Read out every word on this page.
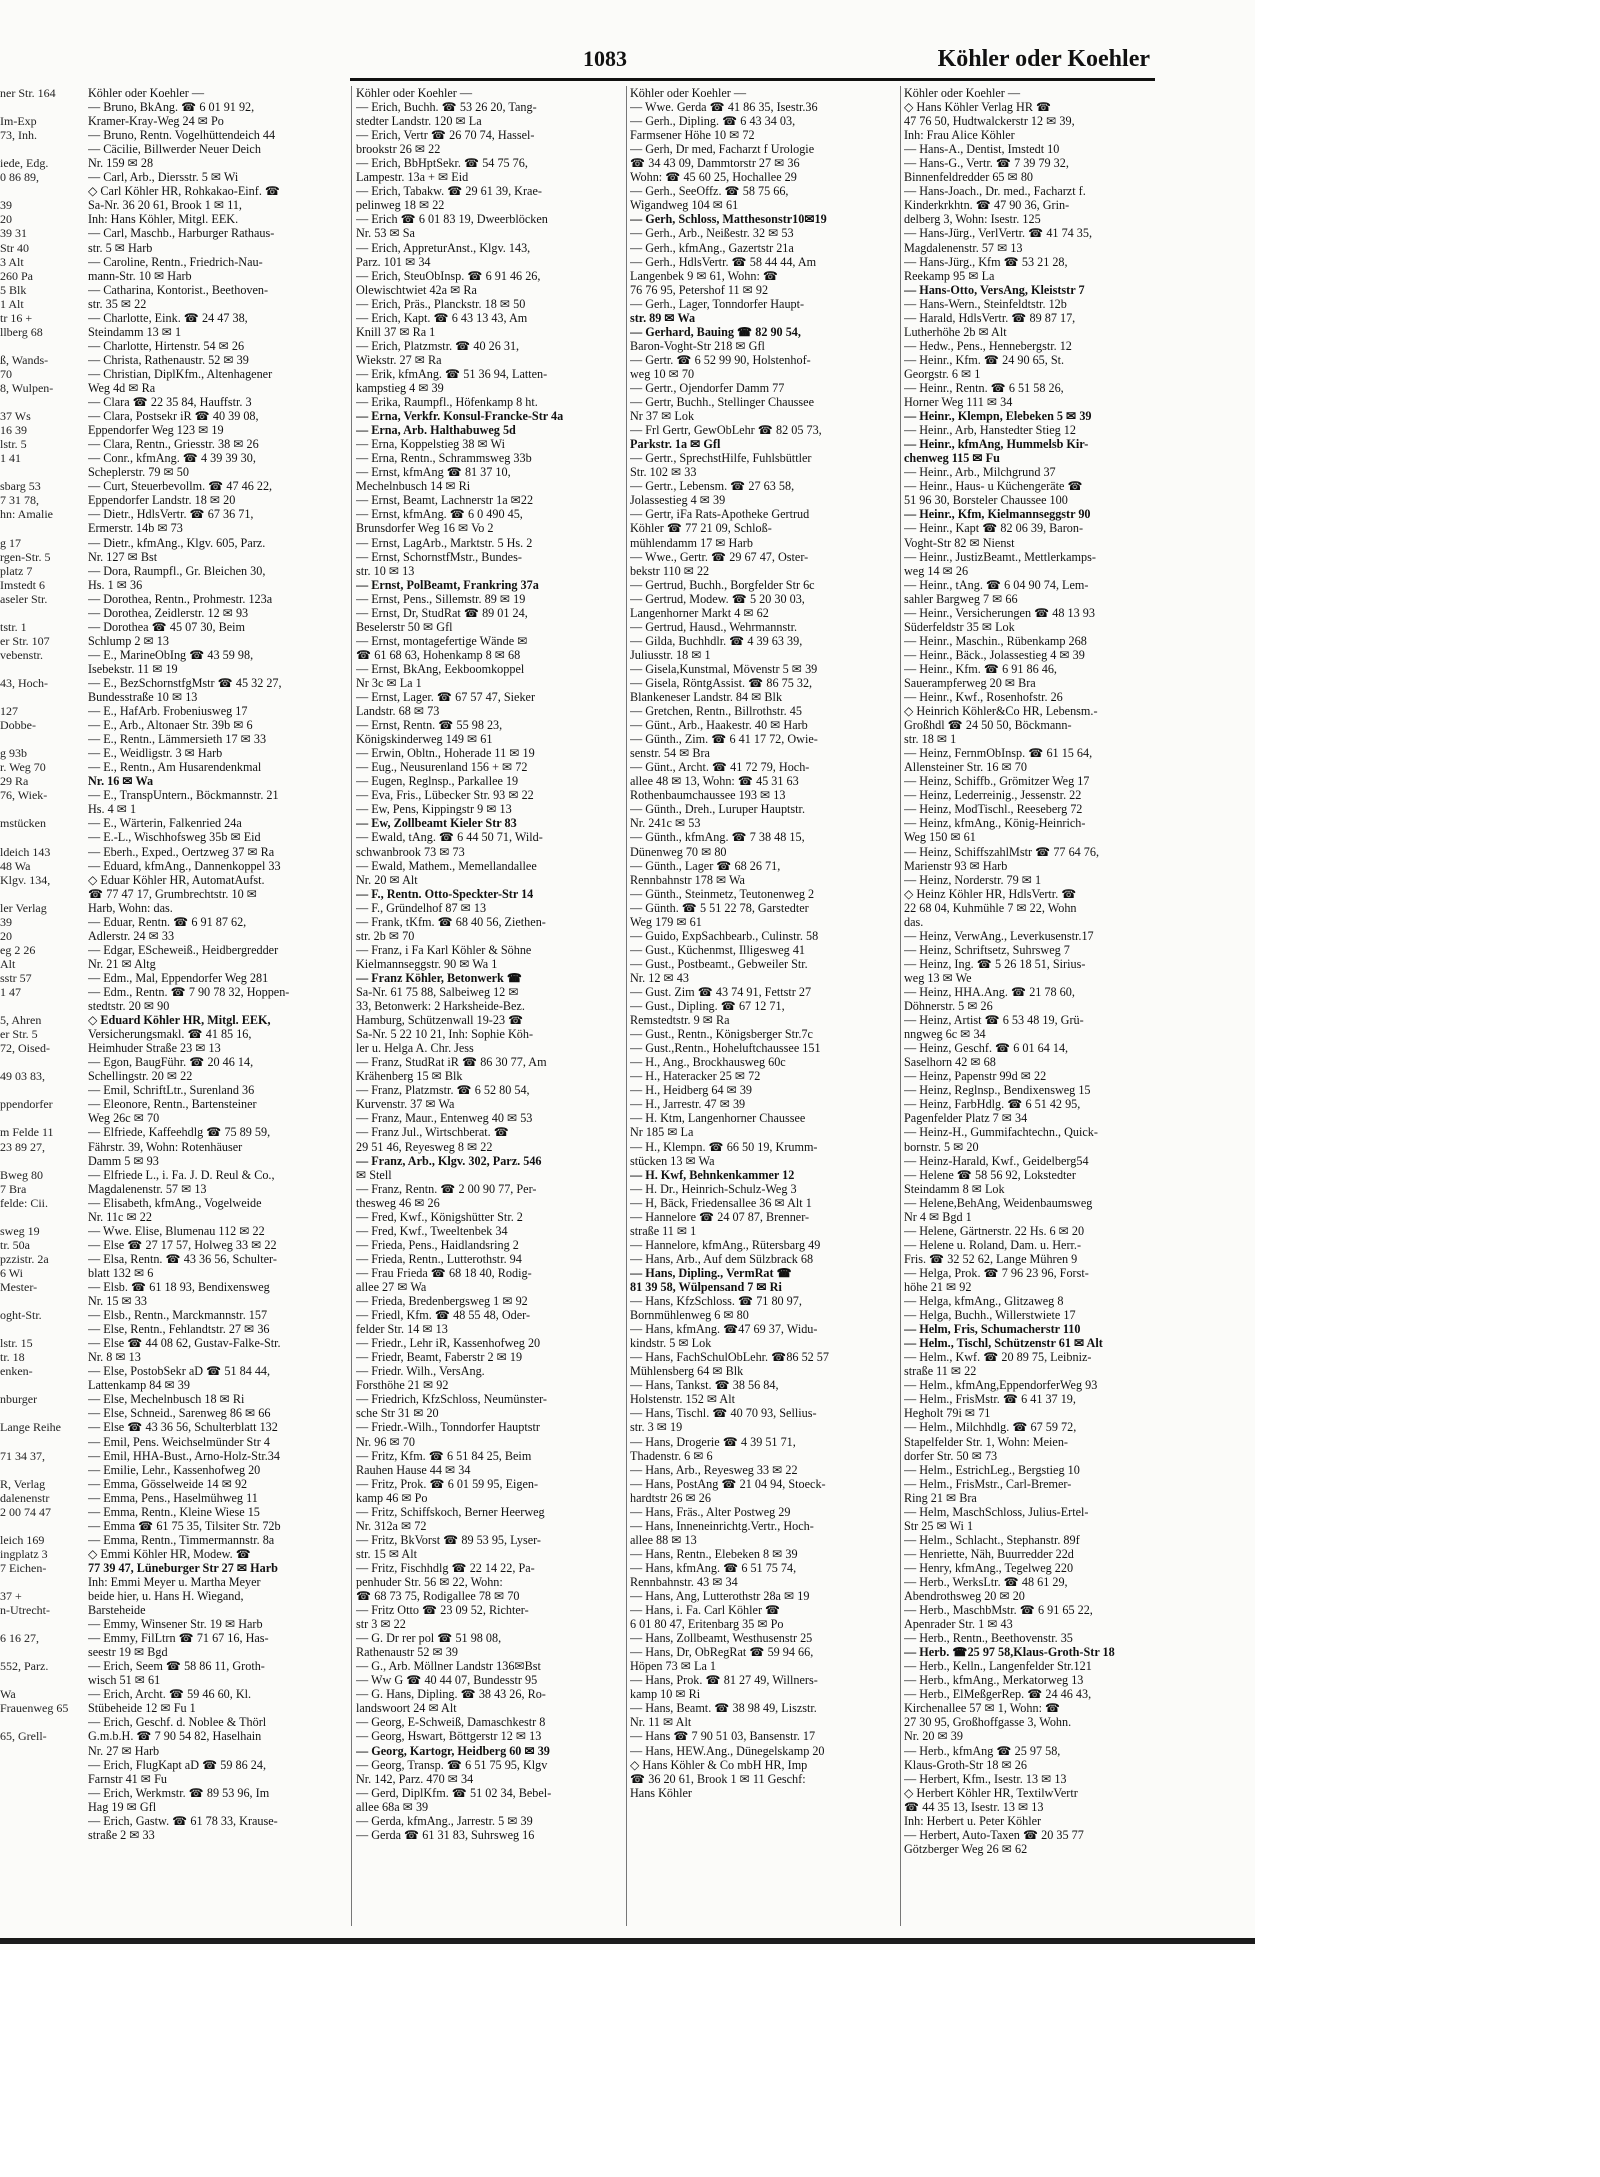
ner Str. 164
Im-Exp
73, Inh.
iede, Edg.
0 86 89,
39
20
39 31
Str 40
3 Alt
260 Pa
5 Blk
1 Alt
tr 16 +
llberg 68
ß, Wands-
70
8, Wulpen-
37 Ws
16 39
lstr. 5
1 41
sbarg 53
7 31 78,
hn: Amalie
g 17
rgen-Str. 5
platz 7
Imstedt 6
aseler Str.
tstr. 1
er Str. 107
vebenstr.
43, Hoch-
127
Dobbe-
g 93b
r. Weg 70
29 Ra
76, Wiek-
mstücken
ldeich 143
48 Wa
Klgv. 134,
ler Verlag
39
20
eg 2 26
Alt
sstr 57
1 47
5, Ahren
er Str. 5
72, Oised-
49 03 83,
ppendorfer
m Felde 11
23 89 27,
Bweg 80
7 Bra
feldе: Cii.
sweg 19
tr. 50a
pzzistr. 2a
6 Wi
Mester-
oght-Str.
lstr. 15
tr. 18
enken-
nburger
Lange Reihe
71 34 37,
R, Verlag
dalenenstr
2 00 74 47
leich 169
ingplatz 3
7 Eichen-
37 +
n-Utrecht-
6 16 27,
552, Parz.
Wa
Frauenweg 65
65, Grell-
1083	Köhler oder Koehler
Köhler oder Koehler —
— Bruno, BkAng. ☎ 6 01 91 92,
Kramer-Kray-Weg 24 ✉ Po
— Bruno, Rentn. Vogelhüttendeich 44
— Cäcilie, Billwerder Neuer Deich
Nr. 159 ✉ 28
— Carl, Arb., Diersstr. 5 ✉ Wi
◇ Carl Köhler HR, Rohkakao-Einf. ☎
Sa-Nr. 36 20 61, Brook 1 ✉ 11,
Inh: Hans Köhler, Mitgl. EEK.
— Carl, Maschb., Harburger Rathaus-
str. 5 ✉ Harb
— Caroline, Rentn., Friedrich-Nau-
mann-Str. 10 ✉ Harb
— Catharina, Kontorist., Beethoven-
str. 35 ✉ 22
— Charlotte, Eink. ☎ 24 47 38,
Steindamm 13 ✉ 1
— Charlotte, Hirtenstr. 54 ✉ 26
— Christa, Rathenaustr. 52 ✉ 39
— Christian, DiplKfm., Altenhagener
Weg 4d ✉ Ra
— Clara ☎ 22 35 84, Hauffstr. 3
— Clara, Postsekr iR ☎ 40 39 08,
Eppendorfer Weg 123 ✉ 19
— Clara, Rentn., Griesstr. 38 ✉ 26
— Conr., kfmAng. ☎ 4 39 39 30,
Scheplerstr. 79 ✉ 50
— Curt, Steuerbevollm. ☎ 47 46 22,
Eppendorfer Landstr. 18 ✉ 20
— Dietr., HdlsVertr. ☎ 67 36 71,
Ermerstr. 14b ✉ 73
— Dietr., kfmAng., Klgv. 605, Parz.
Nr. 127 ✉ Bst
— Dora, Raumpfl., Gr. Bleichen 30,
Hs. 1 ✉ 36
— Dorothea, Rentn., Prohmestr. 123a
— Dorothea, Zeidlerstr. 12 ✉ 93
— Dorothea ☎ 45 07 30, Beim
Schlump 2 ✉ 13
— E., MarineObIng ☎ 43 59 98,
Isebekstr. 11 ✉ 19
— E., BezSchornstfgMstr ☎ 45 32 27,
Bundesstraße 10 ✉ 13
— E., HafArb. Frobeniusweg 17
— E., Arb., Altonaer Str. 39b ✉ 6
— E., Rentn., Lämmersieth 17 ✉ 33
— E., Weidligstr. 3 ✉ Harb
— E., Rentn., Am Husarendenkmal
Nr. 16 ✉ Wa
— E., TranspUntern., Böckmannstr. 21
Hs. 4 ✉ 1
— E., Wärterin, Falkenried 24a
— E.-L., Wischhofsweg 35b ✉ Eid
— Eberh., Exped., Oertzweg 37 ✉ Ra
— Eduard, kfmAng., Dannenkoppel 33
◇ Eduar Köhler HR, AutomatAufst.
☎ 77 47 17, Grumbrechtstr. 10 ✉
Harb, Wohn: das.
— Eduar, Rentn. ☎ 6 91 87 62,
Adlerstr. 24 ✉ 33
— Edgar, EScheweiß., Heidbergredder
Nr. 21 ✉ Altg
— Edm., Mal, Eppendorfer Weg 281
— Edm., Rentn. ☎ 7 90 78 32, Hoppen-
stedtstr. 20 ✉ 90
◇ Eduard Köhler HR, Mitgl. EEK,
Versicherungsmakl. ☎ 41 85 16,
Heimhuder Straße 23 ✉ 13
— Egon, BaugFühr. ☎ 20 46 14,
Schellingstr. 20 ✉ 22
— Emil, SchriftLtr., Surenland 36
— Eleonore, Rentn., Bartensteiner
Weg 26c ✉ 70
— Elfriede, Kaffeehdlg ☎ 75 89 59,
Fährstr. 39, Wohn: Rotenhäuser
Damm 5 ✉ 93
— Elfriede L., i. Fa. J. D. Reul & Co.,
Magdalenenstr. 57 ✉ 13
— Elisabeth, kfmAng., Vogelweide
Nr. 11c ✉ 22
— Wwe. Elise, Blumenau 112 ✉ 22
— Else ☎ 27 17 57, Holweg 33 ✉ 22
— Elsa, Rentn. ☎ 43 36 56, Schulter-
blatt 132 ✉ 6
— Elsb. ☎ 61 18 93, Bendixensweg
Nr. 15 ✉ 33
— Elsb., Rentn., Marckmannstr. 157
— Else, Rentn., Fehlandtstr. 27 ✉ 36
— Else ☎ 44 08 62, Gustav-Falke-Str.
Nr. 8 ✉ 13
— Else, PostobSekr aD ☎ 51 84 44,
Lattenkamp 84 ✉ 39
— Else, Mechelnbusch 18 ✉ Ri
— Else, Schneid., Sarenweg 86 ✉ 66
— Else ☎ 43 36 56, Schulterblatt 132
— Emil, Pens. Weichselmünder Str 4
— Emil, HHA-Bust., Arno-Holz-Str.34
— Emilie, Lehr., Kassenhofweg 20
— Emma, Gösselweide 14 ✉ 92
— Emma, Pens., Haselmühweg 11
— Emma, Rentn., Kleine Wiese 15
— Emma ☎ 61 75 35, Tilsiter Str. 72b
— Emma, Rentn., Timmermannstr. 8a
◇ Emmi Köhler HR, Modew. ☎
77 39 47, Lüneburger Str 27 ✉ Harb
Inh: Emmi Meyer u. Martha Meyer
beide hier, u. Hans H. Wiegand,
Barsteheide
— Emmy, Winsener Str. 19 ✉ Harb
— Emmy, FilLtrn ☎ 71 67 16, Has-
seestr 19 ✉ Bgd
— Erich, Seem ☎ 58 86 11, Groth-
wisch 51 ✉ 61
— Erich, Archt. ☎ 59 46 60, Kl.
Stübeheide 12 ✉ Fu 1
— Erich, Geschf. d. Noblee & Thörl
G.m.b.H. ☎ 7 90 54 82, Haselhain
Nr. 27 ✉ Harb
— Erich, FlugKapt aD ☎ 59 86 24,
Farnstr 41 ✉ Fu
— Erich, Werkmstr. ☎ 89 53 96, Im
Hag 19 ✉ Gfl
— Erich, Gastw. ☎ 61 78 33, Krause-
straße 2 ✉ 33
Köhler oder Koehler —
— Erich, Buchh. ☎ 53 26 20, Tang-
stedter Landstr. 120 ✉ La
— Erich, Vertr ☎ 26 70 74, Hassel-
brookstr 26 ✉ 22
— Erich, BbHptSekr. ☎ 54 75 76,
Lampestr. 13a + ✉ Eid
— Erich, Tabakw. ☎ 29 61 39, Krae-
pelinweg 18 ✉ 22
— Erich ☎ 6 01 83 19, Dweerblöcken
Nr. 53 ✉ Sa
— Erich, AppreturAnst., Klgv. 143,
Parz. 101 ✉ 34
— Erich, SteuObInsp. ☎ 6 91 46 26,
Olewischtwiet 42a ✉ Ra
— Erich, Präs., Planckstr. 18 ✉ 50
— Erich, Kapt. ☎ 6 43 13 43, Am
Knill 37 ✉ Ra 1
— Erich, Platzmstr. ☎ 40 26 31,
Wiekstr. 27 ✉ Ra
— Erik, kfmAng. ☎ 51 36 94, Latten-
kampstieg 4 ✉ 39
— Erika, Raumpfl., Höfenkamp 8 ht.
— Erna, Verkfr. Konsul-Francke-Str 4a
— Erna, Arb. Halthabuweg 5d
— Erna, Koppelstieg 38 ✉ Wi
— Erna, Rentn., Schrammsweg 33b
— Ernst, kfmAng ☎ 81 37 10,
Mechelnbusch 14 ✉ Ri
— Ernst, Beamt, Lachnerstr 1a ✉22
— Ernst, kfmAng. ☎ 6 0 490 45,
Brunsdorfer Weg 16 ✉ Vo 2
— Ernst, LagArb., Marktstr. 5 Hs. 2
— Ernst, SchornstfMstr., Bundes-
str. 10 ✉ 13
— Ernst, PolBeamt, Frankring 37a
— Ernst, Pens., Sillemstr. 89 ✉ 19
— Ernst, Dr, StudRat ☎ 89 01 24,
Beselerstr 50 ✉ Gfl
— Ernst, montagefertige Wände ✉
☎ 61 68 63, Hohenkamp 8 ✉ 68
— Ernst, BkAng, Eekboomkoppel
Nr 3c ✉ La 1
— Ernst, Lager. ☎ 67 57 47, Sieker
Landstr. 68 ✉ 73
— Ernst, Rentn. ☎ 55 98 23,
Königskinderweg 149 ✉ 61
— Erwin, Obltn., Hoherade 11 ✉ 19
— Eug., Neusurenland 156 + ✉ 72
— Eugen, Reglnsp., Parkallee 19
— Eva, Fris., Lübecker Str. 93 ✉ 22
— Ew, Pens, Kippingstr 9 ✉ 13
— Ew, Zollbeamt Kieler Str 83
— Ewald, tAng. ☎ 6 44 50 71, Wild-
schwanbrook 73 ✉ 73
— Ewald, Mathem., Memellandallee
Nr. 20 ✉ Alt
— F., Rentn. Otto-Speckter-Str 14
— F., Gründelhof 87 ✉ 13
— Frank, tKfm. ☎ 68 40 56, Ziethen-
str. 2b ✉ 70
— Franz, i Fa Karl Köhler & Söhne
Kielmannseggstr. 90 ✉ Wa 1
— Franz Köhler, Betonwerk ☎
Sa-Nr. 61 75 88, Salbeiweg 12 ✉
33, Betonwerk: 2 Harksheide-Bez.
Hamburg, Schützenwall 19-23 ☎
Sa-Nr. 5 22 10 21, Inh: Sophie Köh-
ler u. Helga A. Chr. Jess
— Franz, StudRat iR ☎ 86 30 77, Am
Krähenberg 15 ✉ Blk
— Franz, Platzmstr. ☎ 6 52 80 54,
Kurvenstr. 37 ✉ Wa
— Franz, Maur., Entenweg 40 ✉ 53
— Franz Jul., Wirtschberat. ☎
29 51 46, Reyesweg 8 ✉ 22
— Franz, Arb., Klgv. 302, Parz. 546
✉ Stell
— Franz, Rentn. ☎ 2 00 90 77, Per-
thesweg 46 ✉ 26
— Fred, Kwf., Königshütter Str. 2
— Fred, Kwf., Tweeltenbek 34
— Frieda, Pens., Haidlandsring 2
— Frieda, Rentn., Lutterothstr. 94
— Frau Frieda ☎ 68 18 40, Rodig-
allee 27 ✉ Wa
— Frieda, Bredenbergsweg 1 ✉ 92
— Friedl, Kfm. ☎ 48 55 48, Oder-
felder Str. 14 ✉ 13
— Friedr., Lehr iR, Kassenhofweg 20
— Friedr, Beamt, Faberstr 2 ✉ 19
— Friedr. Wilh., VersAng.
Forsthöhe 21 ✉ 92
— Friedrich, KfzSchloss, Neumünster-
sche Str 31 ✉ 20
— Friedr.-Wilh., Tonndorfer Hauptstr
Nr. 96 ✉ 70
— Fritz, Kfm. ☎ 6 51 84 25, Beim
Rauhen Hause 44 ✉ 34
— Fritz, Prok. ☎ 6 01 59 95, Eigen-
kamp 46 ✉ Po
— Fritz, Schiffskoch, Berner Heerweg
Nr. 312a ✉ 72
— Fritz, BkVorst ☎ 89 53 95, Lyser-
str. 15 ✉ Alt
— Fritz, Fischhdlg ☎ 22 14 22, Pa-
penhuder Str. 56 ✉ 22, Wohn:
☎ 68 73 75, Rodigallee 78 ✉ 70
— Fritz Otto ☎ 23 09 52, Richter-
str 3 ✉ 22
— G. Dr rer pol ☎ 51 98 08,
Rathenaustr 52 ✉ 39
— G., Arb. Möllner Landstr 136✉Bst
— Ww G ☎ 40 44 07, Bundesstr 95
— G. Hans, Dipling. ☎ 38 43 26, Ro-
landswoort 24 ✉ Alt
— Georg, E-Schweiß, Damaschkestr 8
— Georg, Hswart, Böttgerstr 12 ✉ 13
— Georg, Kartogr, Heidberg 60 ✉ 39
— Georg, Transp. ☎ 6 51 75 95, Klgv
Nr. 142, Parz. 470 ✉ 34
— Gerd, DiplKfm. ☎ 51 02 34, Bebel-
allee 68a ✉ 39
— Gerda, kfmAng., Jarrestr. 5 ✉ 39
— Gerda ☎ 61 31 83, Suhrsweg 16
Köhler oder Koehler —
— Wwe. Gerda ☎ 41 86 35, Isestr.36
— Gerh., Dipling. ☎ 6 43 34 03,
Farmsener Höhe 10 ✉ 72
— Gerh, Dr med, Facharzt f Urologie
☎ 34 43 09, Dammtorstr 27 ✉ 36
Wohn: ☎ 45 60 25, Hochallee 29
— Gerh., SeeOffz. ☎ 58 75 66,
Wigandweg 104 ✉ 61
— Gerh, Schloss, Matthesonstr10✉19
— Gerh., Arb., Neißestr. 32 ✉ 53
— Gerh., kfmAng., Gazertstr 21a
— Gerh., HdlsVertr. ☎ 58 44 44, Am
Langenbek 9 ✉ 61, Wohn: ☎
76 76 95, Petershof 11 ✉ 92
— Gerh., Lager, Tonndorfer Haupt-
str. 89 ✉ Wa
— Gerhard, Bauing ☎ 82 90 54,
Baron-Voght-Str 218 ✉ Gfl
— Gertr. ☎ 6 52 99 90, Holstenhof-
weg 10 ✉ 70
— Gertr., Ojendorfer Damm 77
— Gertr, Buchh., Stellinger Chaussee
Nr 37 ✉ Lok
— Frl Gertr, GewObLehr ☎ 82 05 73,
Parkstr. 1a ✉ Gfl
— Gertr., SprechstHilfe, Fuhlsbüttler
Str. 102 ✉ 33
— Gertr., Lebensm. ☎ 27 63 58,
Jolassestieg 4 ✉ 39
— Gertr, iFa Rats-Apotheke Gertrud
Köhler ☎ 77 21 09, Schloß-
mühlendamm 17 ✉ Harb
— Wwe., Gertr. ☎ 29 67 47, Oster-
bekstr 110 ✉ 22
— Gertrud, Buchh., Borgfelder Str 6c
— Gertrud, Modew. ☎ 5 20 30 03,
Langenhorner Markt 4 ✉ 62
— Gertrud, Hausd., Wehrmannstr.
— Gilda, Buchhdlr. ☎ 4 39 63 39,
Juliusstr. 18 ✉ 1
— Gisela,Kunstmal, Mövenstr 5 ✉ 39
— Gisela, RöntgAssist. ☎ 86 75 32,
Blankeneser Landstr. 84 ✉ Blk
— Gretchen, Rentn., Billrothstr. 45
— Günt., Arb., Haakestr. 40 ✉ Harb
— Günth., Zim. ☎ 6 41 17 72, Owie-
senstr. 54 ✉ Bra
— Günt., Archt. ☎ 41 72 79, Hoch-
allee 48 ✉ 13, Wohn: ☎ 45 31 63
Rothenbaumchaussee 193 ✉ 13
— Günth., Dreh., Luruper Hauptstr.
Nr. 241c ✉ 53
— Günth., kfmAng. ☎ 7 38 48 15,
Dünenweg 70 ✉ 80
— Günth., Lager ☎ 68 26 71,
Rennbahnstr 178 ✉ Wa
— Günth., Steinmetz, Teutonenweg 2
— Günth. ☎ 5 51 22 78, Garstedter
Weg 179 ✉ 61
— Guido, ExpSachbearb., Culinstr. 58
— Gust., Küchenmst, Illigesweg 41
— Gust., Postbeamt., Gebweiler Str.
Nr. 12 ✉ 43
— Gust. Zim ☎ 43 74 91, Fettstr 27
— Gust., Dipling. ☎ 67 12 71,
Remstedtstr. 9 ✉ Ra
— Gust., Rentn., Königsberger Str.7c
— Gust.,Rentn., Hoheluftchaussee 151
— H., Ang., Brockhausweg 60c
— H., Hateracker 25 ✉ 72
— H., Heidberg 64 ✉ 39
— H., Jarrestr. 47 ✉ 39
— H. Ktm, Langenhorner Chaussee
Nr 185 ✉ La
— H., Klempn. ☎ 66 50 19, Krumm-
stücken 13 ✉ Wa
— H. Kwf, Behnkenkammer 12
— H. Dr., Heinrich-Schulz-Weg 3
— H, Bäck, Friedensallee 36 ✉ Alt 1
— Hannelore ☎ 24 07 87, Brenner-
straße 11 ✉ 1
— Hannelore, kfmAng., Rütersbarg 49
— Hans, Arb., Auf dem Sülzbrack 68
— Hans, Dipling., VermRat ☎
81 39 58, Wülpensand 7 ✉ Ri
— Hans, KfzSchloss. ☎ 71 80 97,
Bornmühlenweg 6 ✉ 80
— Hans, kfmAng. ☎47 69 37, Widu-
kindstr. 5 ✉ Lok
— Hans, FachSchulObLehr. ☎86 52 57
Mühlensberg 64 ✉ Blk
— Hans, Tankst. ☎ 38 56 84,
Holstenstr. 152 ✉ Alt
— Hans, Tischl. ☎ 40 70 93, Sellius-
str. 3 ✉ 19
— Hans, Drogerie ☎ 4 39 51 71,
Thadenstr. 6 ✉ 6
— Hans, Arb., Reyesweg 33 ✉ 22
— Hans, PostAng ☎ 21 04 94, Stoeck-
hardtstr 26 ✉ 26
— Hans, Fräs., Alter Postweg 29
— Hans, Inneneinrichtg.Vertr., Hoch-
allee 88 ✉ 13
— Hans, Rentn., Elebeken 8 ✉ 39
— Hans, kfmAng. ☎ 6 51 75 74,
Rennbahnstr. 43 ✉ 34
— Hans, Ang, Lutterothstr 28a ✉ 19
— Hans, i. Fa. Carl Köhler ☎
6 01 80 47, Eritenbarg 35 ✉ Po
— Hans, Zollbeamt, Westhusenstr 25
— Hans, Dr, ObRegRat ☎ 59 94 66,
Höpen 73 ✉ La 1
— Hans, Prok. ☎ 81 27 49, Willners-
kamp 10 ✉ Ri
— Hans, Beamt. ☎ 38 98 49, Liszstr.
Nr. 11 ✉ Alt
— Hans ☎ 7 90 51 03, Bansenstr. 17
— Hans, HEW.Ang., Dünegelskamp 20
◇ Hans Köhler & Co mbH HR, Imp
☎ 36 20 61, Brook 1 ✉ 11 Geschf:
Hans Köhler
Köhler oder Koehler —
◇ Hans Köhler Verlag HR ☎
47 76 50, Hudtwalckerstr 12 ✉ 39,
Inh: Frau Alice Köhler
— Hans-A., Dentist, Imstedt 10
— Hans-G., Vertr. ☎ 7 39 79 32,
Binnenfeldredder 65 ✉ 80
— Hans-Joach., Dr. med., Facharzt f.
Kinderkrkhtn. ☎ 47 90 36, Grin-
delberg 3, Wohn: Isestr. 125
— Hans-Jürg., VerlVertr. ☎ 41 74 35,
Magdalenenstr. 57 ✉ 13
— Hans-Jürg., Kfm ☎ 53 21 28,
Reekamp 95 ✉ La
— Hans-Otto, VersAng, Kleiststr 7
— Hans-Wern., Steinfeldtstr. 12b
— Harald, HdlsVertr. ☎ 89 87 17,
Lutherhöhe 2b ✉ Alt
— Hedw., Pens., Hennebergstr. 12
— Heinr., Kfm. ☎ 24 90 65, St.
Georgstr. 6 ✉ 1
— Heinr., Rentn. ☎ 6 51 58 26,
Horner Weg 111 ✉ 34
— Heinr., Klempn, Elebeken 5 ✉ 39
— Heinr., Arb, Hanstedter Stieg 12
— Heinr., kfmAng, Hummelsb Kir-
chenweg 115 ✉ Fu
— Heinr., Arb., Milchgrund 37
— Heinr., Haus- u Küchengeräte ☎
51 96 30, Borsteler Chaussee 100
— Heinr., Kfm, Kielmannseggstr 90
— Heinr., Kapt ☎ 82 06 39, Baron-
Voght-Str 82 ✉ Nienst
— Heinr., JustizBeamt., Mettlerkamps-
weg 14 ✉ 26
— Heinr., tAng. ☎ 6 04 90 74, Lem-
sahler Bargweg 7 ✉ 66
— Heinr., Versicherungen ☎ 48 13 93
Süderfeldstr 35 ✉ Lok
— Heinr., Maschin., Rübenkamp 268
— Heinr., Bäck., Jolassestieg 4 ✉ 39
— Heinr., Kfm. ☎ 6 91 86 46,
Sauerampferweg 20 ✉ Bra
— Heinr., Kwf., Rosenhofstr. 26
◇ Heinrich Köhler&Co HR, Lebensm.-
Großhdl ☎ 24 50 50, Böckmann-
str. 18 ✉ 1
— Heinz, FernmObInsp. ☎ 61 15 64,
Allensteiner Str. 16 ✉ 70
— Heinz, Schiffb., Grömitzer Weg 17
— Heinz, Lederreinig., Jessenstr. 22
— Heinz, ModTischl., Reeseberg 72
— Heinz, kfmAng., König-Heinrich-
Weg 150 ✉ 61
— Heinz, SchiffszahlMstr ☎ 77 64 76,
Marienstr 93 ✉ Harb
— Heinz, Norderstr. 79 ✉ 1
◇ Heinz Köhler HR, HdlsVertr. ☎
22 68 04, Kuhmühle 7 ✉ 22, Wohn
das.
— Heinz, VerwAng., Leverkusenstr.17
— Heinz, Schriftsetz, Suhrsweg 7
— Heinz, Ing. ☎ 5 26 18 51, Sirius-
weg 13 ✉ We
— Heinz, HHA.Ang. ☎ 21 78 60,
Döhnerstr. 5 ✉ 26
— Heinz, Artist ☎ 6 53 48 19, Grü-
nngweg 6c ✉ 34
— Heinz, Geschf. ☎ 6 01 64 14,
Saselhorn 42 ✉ 68
— Heinz, Papenstr 99d ✉ 22
— Heinz, Reglnsp., Bendixensweg 15
— Heinz, FarbHdlg. ☎ 6 51 42 95,
Pagenfelder Platz 7 ✉ 34
— Heinz-H., Gummifachtechn., Quick-
bornstr. 5 ✉ 20
— Heinz-Harald, Kwf., Geidelberg54
— Helene ☎ 58 56 92, Lokstedter
Steindamm 8 ✉ Lok
— Helene,BehAng, Weidenbaumsweg
Nr 4 ✉ Bgd 1
— Helene, Gärtnerstr. 22 Hs. 6 ✉ 20
— Helene u. Roland, Dam. u. Herr.-
Fris. ☎ 32 52 62, Lange Mühren 9
— Helga, Prok. ☎ 7 96 23 96, Forst-
höhe 21 ✉ 92
— Helga, kfmAng., Glitzaweg 8
— Helga, Buchh., Willerstwiete 17
— Helm, Fris, Schumacherstr 110
— Helm., Tischl, Schützenstr 61 ✉ Alt
— Helm., Kwf. ☎ 20 89 75, Leibniz-
straße 11 ✉ 22
— Helm., kfmAng,EppendorferWeg 93
— Helm., FrisMstr. ☎ 6 41 37 19,
Hegholt 79i ✉ 71
— Helm., Milchhdlg. ☎ 67 59 72,
Stapelfelder Str. 1, Wohn: Meien-
dorfer Str. 50 ✉ 73
— Helm., EstrichLeg., Bergstieg 10
— Helm., FrisMstr., Carl-Bremer-
Ring 21 ✉ Bra
— Helm, MaschSchloss, Julius-Ertel-
Str 25 ✉ Wi 1
— Helm., Schlacht., Stephanstr. 89f
— Henriette, Näh, Buurredder 22d
— Henry, kfmAng., Tegelweg 220
— Herb., WerksLtr. ☎ 48 61 29,
Abendrothsweg 20 ✉ 20
— Herb., MaschbMstr. ☎ 6 91 65 22,
Apenrader Str. 1 ✉ 43
— Herb., Rentn., Beethovenstr. 35
— Herb. ☎25 97 58,Klaus-Groth-Str 18
— Herb., Kelln., Langenfelder Str.121
— Herb., kfmAng., Merkatorweg 13
— Herb., ElMeßgerRep. ☎ 24 46 43,
Kirchenallee 57 ✉ 1, Wohn: ☎
27 30 95, Großhoffgasse 3, Wohn.
Nr. 20 ✉ 39
— Herb., kfmAng ☎ 25 97 58,
Klaus-Groth-Str 18 ✉ 26
— Herbert, Kfm., Isestr. 13 ✉ 13
◇ Herbert Köhler HR, TextilwVertr
☎ 44 35 13, Isestr. 13 ✉ 13
Inh: Herbert u. Peter Köhler
— Herbert, Auto-Taxen ☎ 20 35 77
Götzberger Weg 26 ✉ 62
